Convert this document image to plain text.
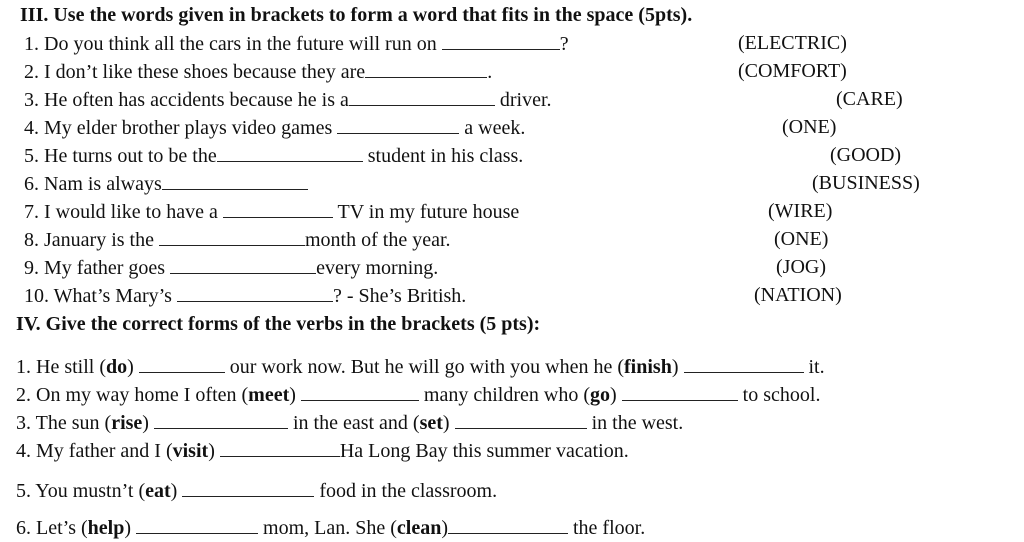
III. Use the words given in brackets to form a word that fits in the space (5pts).
1. Do you think all the cars in the future will run on	?	(ELECTRIC)
2. I don’t like these shoes because they are	.	(COMFORT)
3. He often has accidents because he is a	driver.	(CARE)
4. My elder brother plays video games	a week.	(ONE)
5. He turns out to be the	student in his class.	(GOOD)
6. Nam is always	(BUSINESS)
7. I would like to have a	TV in my future house	(WIRE)
8. January is the	month of the year.	(ONE)
9. My father goes	every morning.	(JOG)
10. What’s Mary’s	? - She’s British.	(NATION)
IV. Give the correct forms of the verbs in the brackets (5 pts):
1. He still (do)	our work now. But he will go with you when he (finish)	it.
2. On my way home I often (meet)	many children who (go)	to school.
3. The sun (rise)	in the east and (set)	in the west.
4. My father and I (visit)	Ha Long Bay this summer vacation.
5. You mustn’t (eat)	food in the classroom.
6. Let’s (help)	mom, Lan. She (clean)	the floor.
